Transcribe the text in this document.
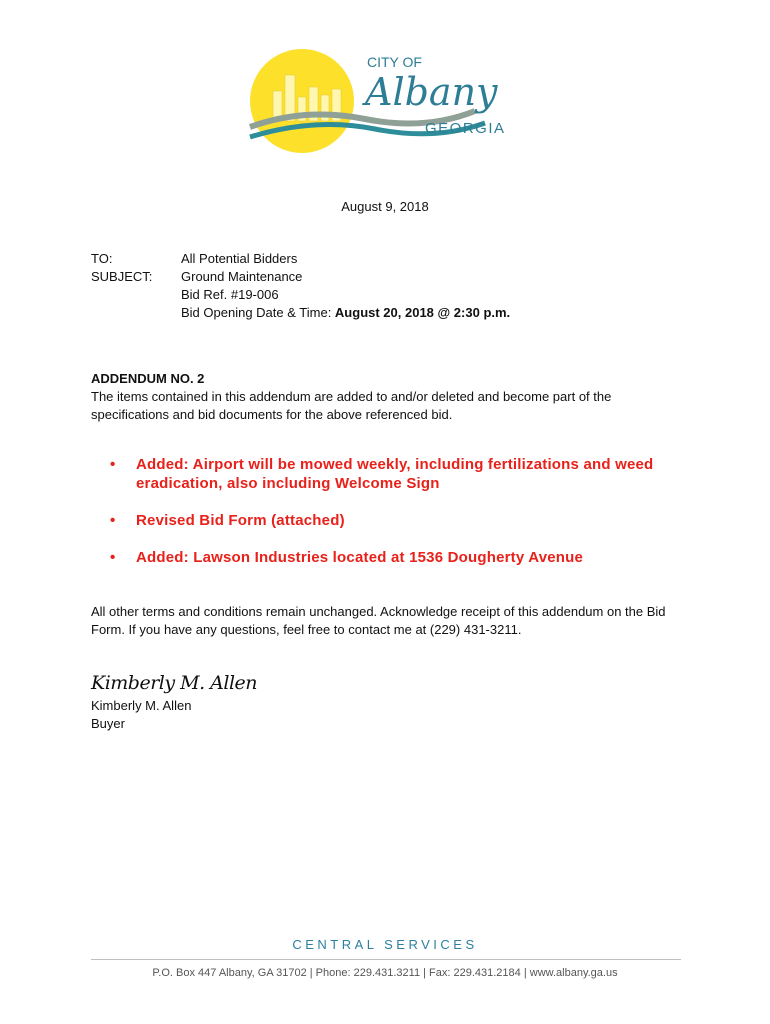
CITY OF
Albany
GEORGIA
August 9, 2018
TO:	All Potential Bidders
SUBJECT:	Ground Maintenance
Bid Ref. #19-006
Bid Opening Date & Time: August 20, 2018 @ 2:30 p.m.
ADDENDUM NO. 2
The items contained in this addendum are added to and/or deleted and become part of the specifications and bid documents for the above referenced bid.
• Added: Airport will be mowed weekly, including fertilizations and weed eradication, also including Welcome Sign
• Revised Bid Form (attached)
• Added: Lawson Industries located at 1536 Dougherty Avenue
All other terms and conditions remain unchanged. Acknowledge receipt of this addendum on the Bid Form. If you have any questions, feel free to contact me at (229) 431-3211.
Kimberly M. Allen
Kimberly M. Allen
Buyer
CENTRAL SERVICES
P.O. Box 447 Albany, GA 31702 | Phone: 229.431.3211 | Fax: 229.431.2184 | www.albany.ga.us
